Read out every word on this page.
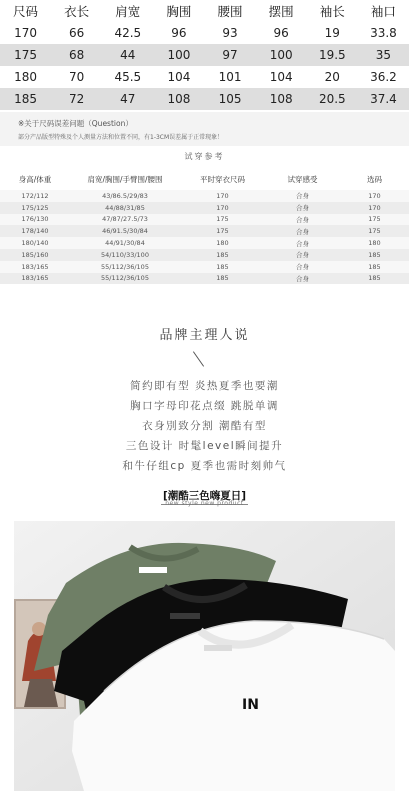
尺码	衣长	肩宽	胸围	腰围	摆围	袖长	袖口
170	66	42.5	96	93	96	19	33.8
175	68	44	100	97	100	19.5	35
180	70	45.5	104	101	104	20	36.2
185	72	47	108	105	108	20.5	37.4
※关于尺码误差问题（Question）
部分产品版型特殊及个人测量方法和位置不同，有1-3CM误差属于正常现象！
试穿参考
身高/体重	肩宽/胸围/手臂围/腰围	平时穿衣尺码	试穿感受	选码
172/112	43/86.5/29/83	170	合身	170
175/125	44/88/31/85	170	合身	170
176/130	47/87/27.5/73	175	合身	175
178/140	46/91.5/30/84	175	合身	175
180/140	44/91/30/84	180	合身	180
185/160	54/110/33/100	185	合身	185
183/165	55/112/36/105	185	合身	185
183/165	55/112/36/105	185	合身	185
品牌主理人说
简约即有型 炎热夏季也要潮
胸口字母印花点缀 跳脱单调
衣身別致分割 潮酷有型
三色设计 时髦level瞬间提升
和牛仔组cp 夏季也需时刻帅气
[潮酷三色嗨夏日]
new style new product
IN
